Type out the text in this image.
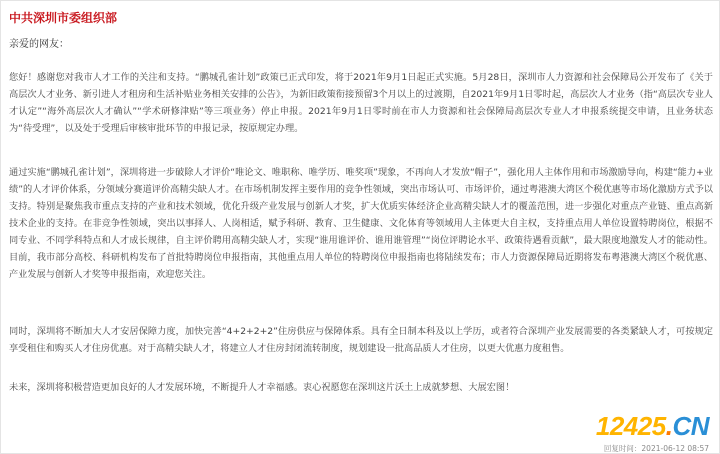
中共深圳市委组织部
亲爱的网友：

您好！感谢您对我市人才工作的关注和支持。“鹏城孔雀计划”政策已正式印发，将于2021年9月1日起正式实施。5月28日，深圳市人力资源和社会保障局公开发布了《关于高层次人才业务、新引进人才租房和生活补贴业务相关安排的公告》，为新旧政策衔接预留3个月以上的过渡期，自2021年9月1日零时起，高层次人才业务（指“高层次专业人才认定”“海外高层次人才确认”“学术研修津贴”等三项业务）停止申报。2021年9月1日零时前在市人力资源和社会保障局高层次专业人才申报系统提交申请，且业务状态为“待受理”，以及处于受理后审核审批环节的申报记录，按原规定办理。

通过实施“鹏城孔雀计划”，深圳将进一步破除人才评价“唯论文、唯职称、唯学历、唯奖项”现象，不再向人才发放“帽子”，强化用人主体作用和市场激励导向，构建“能力+业绩”的人才评价体系，分领域分赛道评价高精尖缺人才。在市场机制发挥主要作用的竞争性领域，突出市场认可、市场评价，通过粤港澳大湾区个税优惠等市场化激励方式予以支持。特别是聚焦我市重点支持的产业和技术领域，优化升级产业发展与创新人才奖，扩大优质实体经济企业高精尖缺人才的覆盖范围，进一步强化对重点产业链、重点高新技术企业的支持。在非竞争性领域，突出以事择人、人岗相适，赋予科研、教育、卫生健康、文化体育等领域用人主体更大自主权，支持重点用人单位设置特聘岗位，根据不同专业、不同学科特点和人才成长规律，自主评价聘用高精尖缺人才，实现“谁用谁评价、谁用谁管理”“岗位评聘论水平、政策待遇看贡献”，最大限度地激发人才的能动性。目前，我市部分高校、科研机构发布了首批特聘岗位申报指南，其他重点用人单位的特聘岗位申报指南也将陆续发布；市人力资源保障局近期将发布粤港澳大湾区个税优惠、产业发展与创新人才奖等申报指南，欢迎您关注。

同时，深圳将不断加大人才安居保障力度，加快完善“4+2+2+2”住房供应与保障体系。具有全日制本科及以上学历，或者符合深圳产业发展需要的各类紧缺人才，可按规定享受租住和购买人才住房优惠。对于高精尖缺人才，将建立人才住房封闭流转制度，规划建设一批高品质人才住房，以更大优惠力度租售。

未来，深圳将积极营造更加良好的人才发展环境，不断提升人才幸福感。衷心祝愿您在深圳这片沃土上成就梦想、大展宏图！

12425.CN
回复时间：2021-06-12 08:57
